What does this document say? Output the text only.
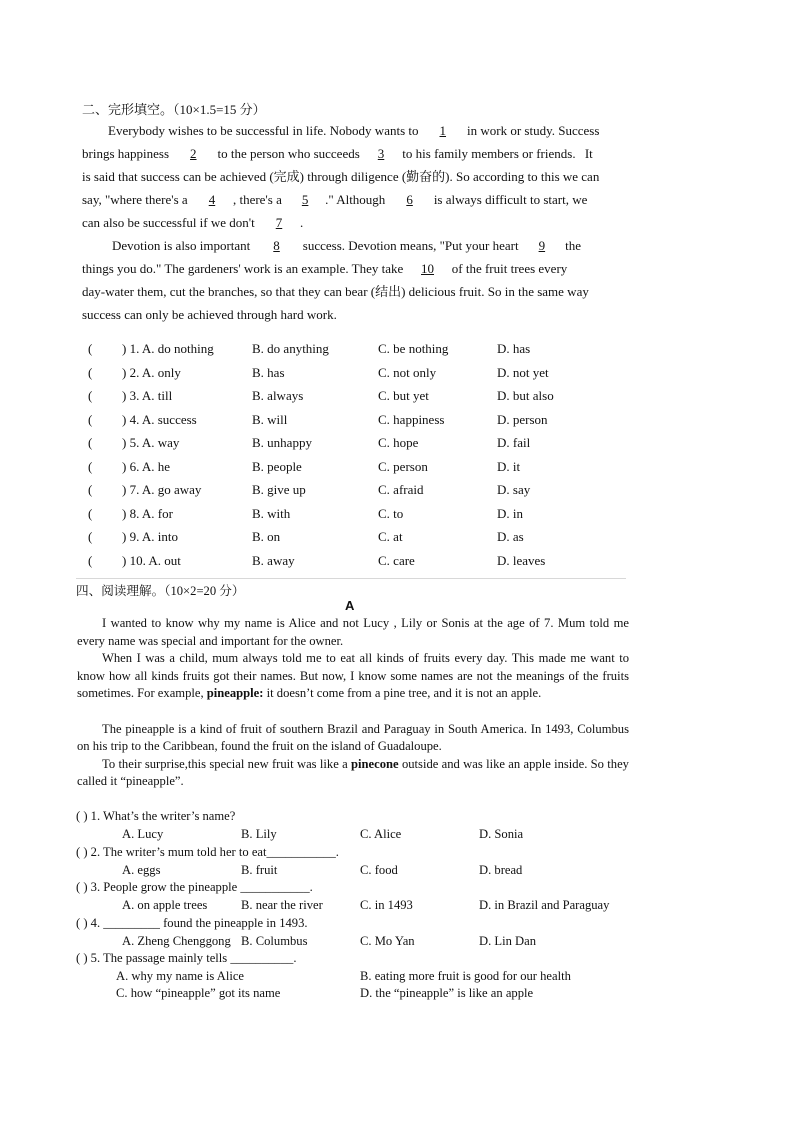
二、完形填空。（10×1.5=15 分）
Everybody wishes to be successful in life. Nobody wants to 1 in work or study. Success
brings happiness 2 to the person who succeeds 3 to his family members or friends. It
is said that success can be achieved (完成) through diligence (勤奋的). So according to this we can
say, "where there's a 4 , there's a 5 ." Although 6 is always difficult to start, we
can also be successful if we don't 7 .
Devotion is also important 8 success. Devotion means, "Put your heart 9 the
things you do." The gardeners' work is an example. They take 10 of the fruit trees every
day-water them, cut the branches, so that they can bear (结出) delicious fruit. So in the same way
success can only be achieved through hard work.
( ) 1. A. do nothing	B. do anything	C. be nothing	D. has
( ) 2. A. only	B. has	C. not only	D. not yet
( ) 3. A. till	B. always	C. but yet	D. but also
( ) 4. A. success	B. will	C. happiness	D. person
( ) 5. A. way	B. unhappy	C. hope	D. fail
( ) 6. A. he	B. people	C. person	D. it
( ) 7. A. go away	B. give up	C. afraid	D. say
( ) 8. A. for	B. with	C. to	D. in
( ) 9. A. into	B. on	C. at	D. as
( ) 10. A. out	B. away	C. care	D. leaves
四、阅读理解。（10×2=20 分）
A
I wanted to know why my name is Alice and not Lucy , Lily or Sonis at the age of 7. Mum told me every name was special and important for the owner.
When I was a child, mum always told me to eat all kinds of fruits every day. This made me want to know how all kinds fruits got their names. But now, I know some names are not the meanings of the fruits sometimes. For example, pineapple: it doesn’t come from a pine tree, and it is not an apple.
The pineapple is a kind of fruit of southern Brazil and Paraguay in South America. In 1493, Columbus on his trip to the Caribbean, found the fruit on the island of Guadaloupe.
To their surprise,this special new fruit was like a pinecone outside and was like an apple inside. So they called it “pineapple”.
( ) 1. What’s the writer’s name?
A. Lucy	B. Lily	C. Alice	D. Sonia
( ) 2. The writer’s mum told her to eat___________.
A. eggs	B. fruit	C. food	D. bread
( ) 3. People grow the pineapple ___________.
A. on apple trees	B. near the river	C. in 1493	D. in Brazil and Paraguay
( ) 4. _________ found the pineapple in 1493.
A. Zheng Chenggong B. Columbus	C. Mo Yan	D. Lin Dan
( ) 5. The passage mainly tells __________.
A. why my name is Alice	B. eating more fruit is good for our health
C. how “pineapple” got its name	D. the “pineapple” is like an apple
